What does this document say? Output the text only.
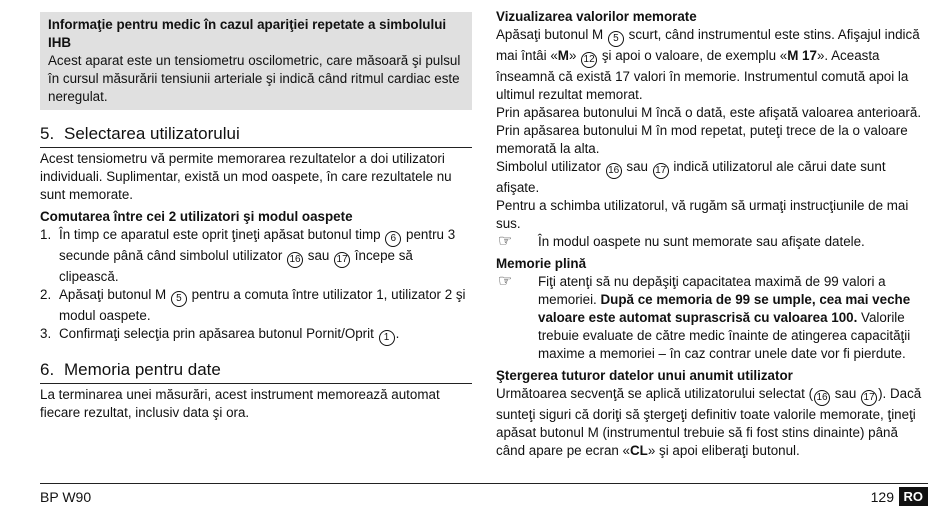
Informaţie pentru medic în cazul apariţiei repetate a simbolului IHB

Acest aparat este un tensiometru oscilometric, care măsoară şi pulsul în cursul măsurării tensiunii arteriale şi indică când ritmul cardiac este neregulat.

5. Selectarea utilizatorului

Acest tensiometru vă permite memorarea rezultatelor a doi utilizatori individuali. Suplimentar, există un mod oaspete, în care rezultatele nu sunt memorate.

Comutarea între cei 2 utilizatori şi modul oaspete

1. În timp ce aparatul este oprit ţineţi apăsat butonul timp 6 pentru 3 secunde până când simbolul utilizator 16 sau 17 începe să clipească.
2. Apăsaţi butonul M 5 pentru a comuta între utilizator 1, utilizator 2 şi modul oaspete.
3. Confirmaţi selecţia prin apăsarea butonul Pornit/Oprit 1 .
6. Memoria pentru date

La terminarea unei măsurări, acest instrument memorează automat fiecare rezultat, inclusiv data şi ora.

Vizualizarea valorilor memorate

Apăsaţi butonul M 5 scurt, când instrumentul este stins. Afişajul indică mai întâi «M» 12 şi apoi o valoare, de exemplu «M 17». Aceasta înseamnă că există 17 valori în memorie. Instrumentul comută apoi la ultimul rezultat memorat.

Prin apăsarea butonului M încă o dată, este afişată valoarea anterioară.

Prin apăsarea butonului M în mod repetat, puteţi trece de la o valoare memorată la alta.

Simbolul utilizator 16 sau 17 indică utilizatorul ale cărui date sunt afişate.

Pentru a schimba utilizatorul, vă rugăm să urmaţi instrucţiunile de mai sus.

☞ În modul oaspete nu sunt memorate sau afişate datele.

Memorie plină

☞ Fiţi atenţi să nu depăşiţi capacitatea maximă de 99 valori a memoriei. După ce memoria de 99 se umple, cea mai veche valoare este automat suprascrisă cu valoarea 100. Valorile trebuie evaluate de către medic înainte de atingerea capacităţii maxime a memoriei – în caz contrar unele date vor fi pierdute.

Ştergerea tuturor datelor unui anumit utilizator

Următoarea secvenţă se aplică utilizatorului selectat ( 16 sau 17 ). Dacă sunteţi siguri că doriţi să ştergeţi definitiv toate valorile memorate, ţineţi apăsat butonul M (instrumentul trebuie să fi fost stins dinainte) până când apare pe ecran «CL» şi apoi eliberaţi butonul.

BP W90	129 RO
